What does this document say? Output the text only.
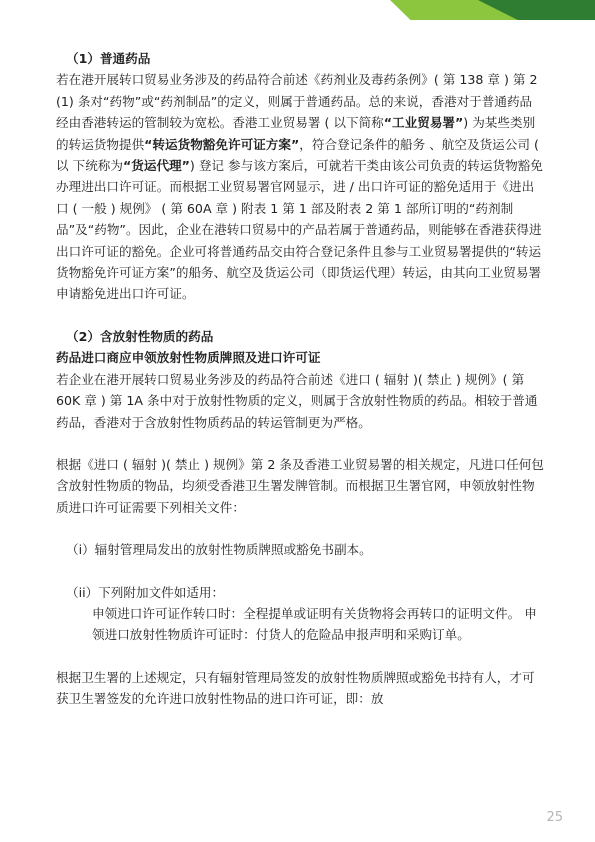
（1）普通药品

若在港开展转口贸易业务涉及的药品符合前述《药剂业及毒药条例》( 第 138 章 ) 第 2 (1) 条对“药物”或“药剂制品”的定义，则属于普通药品。总的来说，香港对于普通药品经由香港转运的管制较为宽松。香港工业贸易署 ( 以下简称“工业贸易署”) 为某些类别的转运货物提供“转运货物豁免许可证方案”，符合登记条件的船务 、航空及货运公司 ( 以 下统称为“货运代理”) 登记 参与该方案后，可就若干类由该公司负责的转运货物豁免办理进出口许可证。而根据工业贸易署官网显示，进 / 出口许可证的豁免适用于《进出口 ( 一般 ) 规例》 ( 第 60A 章 ) 附表 1 第 1 部及附表 2 第 1 部所订明的“药剂制品”及“药物”。因此，企业在港转口贸易中的产品若属于普通药品，则能够在香港获得进出口许可证的豁免。企业可将普通药品交由符合登记条件且参与工业贸易署提供的“转运货物豁免许可证方案”的船务、航空及货运公司（即货运代理）转运，由其向工业贸易署申请豁免进出口许可证。

（2）含放射性物质的药品

药品进口商应申领放射性物质牌照及进口许可证

若企业在港开展转口贸易业务涉及的药品符合前述《进口 ( 辐射 )( 禁止 ) 规例》( 第 60K 章 ) 第 1A 条中对于放射性物质的定义，则属于含放射性物质的药品。相较于普通药品，香港对于含放射性物质药品的转运管制更为严格。

根据《进口 ( 辐射 )( 禁止 ) 规例》第 2 条及香港工业贸易署的相关规定，凡进口任何包含放射性物质的物品，均须受香港卫生署发牌管制。而根据卫生署官网，申领放射性物质进口许可证需要下列相关文件：

（i）辐射管理局发出的放射性物质牌照或豁免书副本。

（ii）下列附加文件如适用：

申领进口许可证作转口时：全程提单或证明有关货物将会再转口的证明文件。 申领进口放射性物质许可证时：付货人的危险品申报声明和采购订单。

根据卫生署的上述规定，只有辐射管理局签发的放射性物质牌照或豁免书持有人，才可获卫生署签发的允许进口放射性物品的进口许可证，即：放

25
